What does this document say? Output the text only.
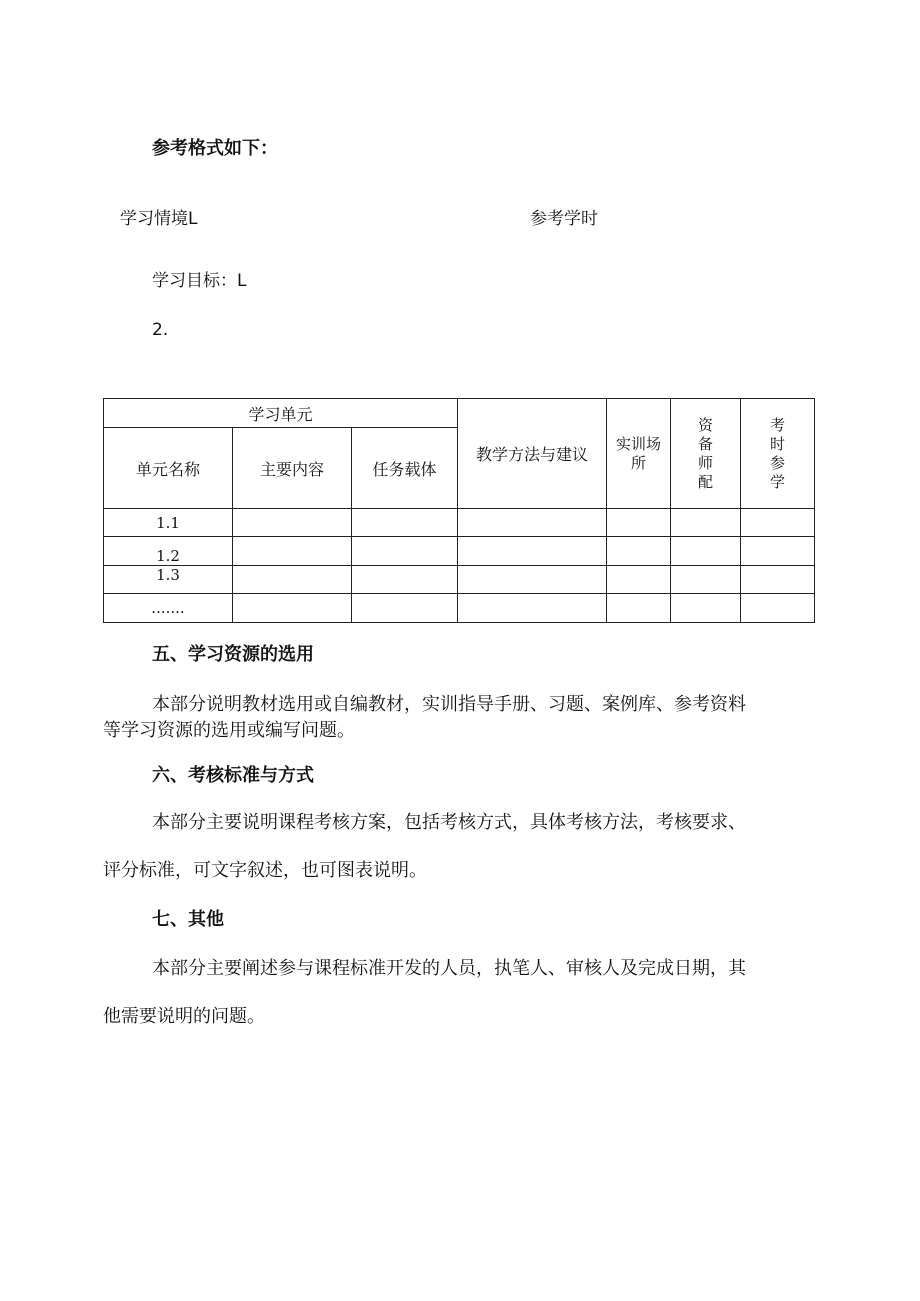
参考格式如下：
学习情境L	参考学时
学习目标：L
2.
学习单元			教学方法与建议	实训场所	资备师配	考时参学
单元名称	主要内容	任务载体				
1.1						
1.2						
1.3						
.......						
五、学习资源的选用
本部分说明教材选用或自编教材，实训指导手册、习题、案例库、参考资料
等学习资源的选用或编写问题。
六、考核标准与方式
本部分主要说明课程考核方案，包括考核方式，具体考核方法，考核要求、
评分标准，可文字叙述，也可图表说明。
七、其他
本部分主要阐述参与课程标准开发的人员，执笔人、审核人及完成日期，其
他需要说明的问题。
